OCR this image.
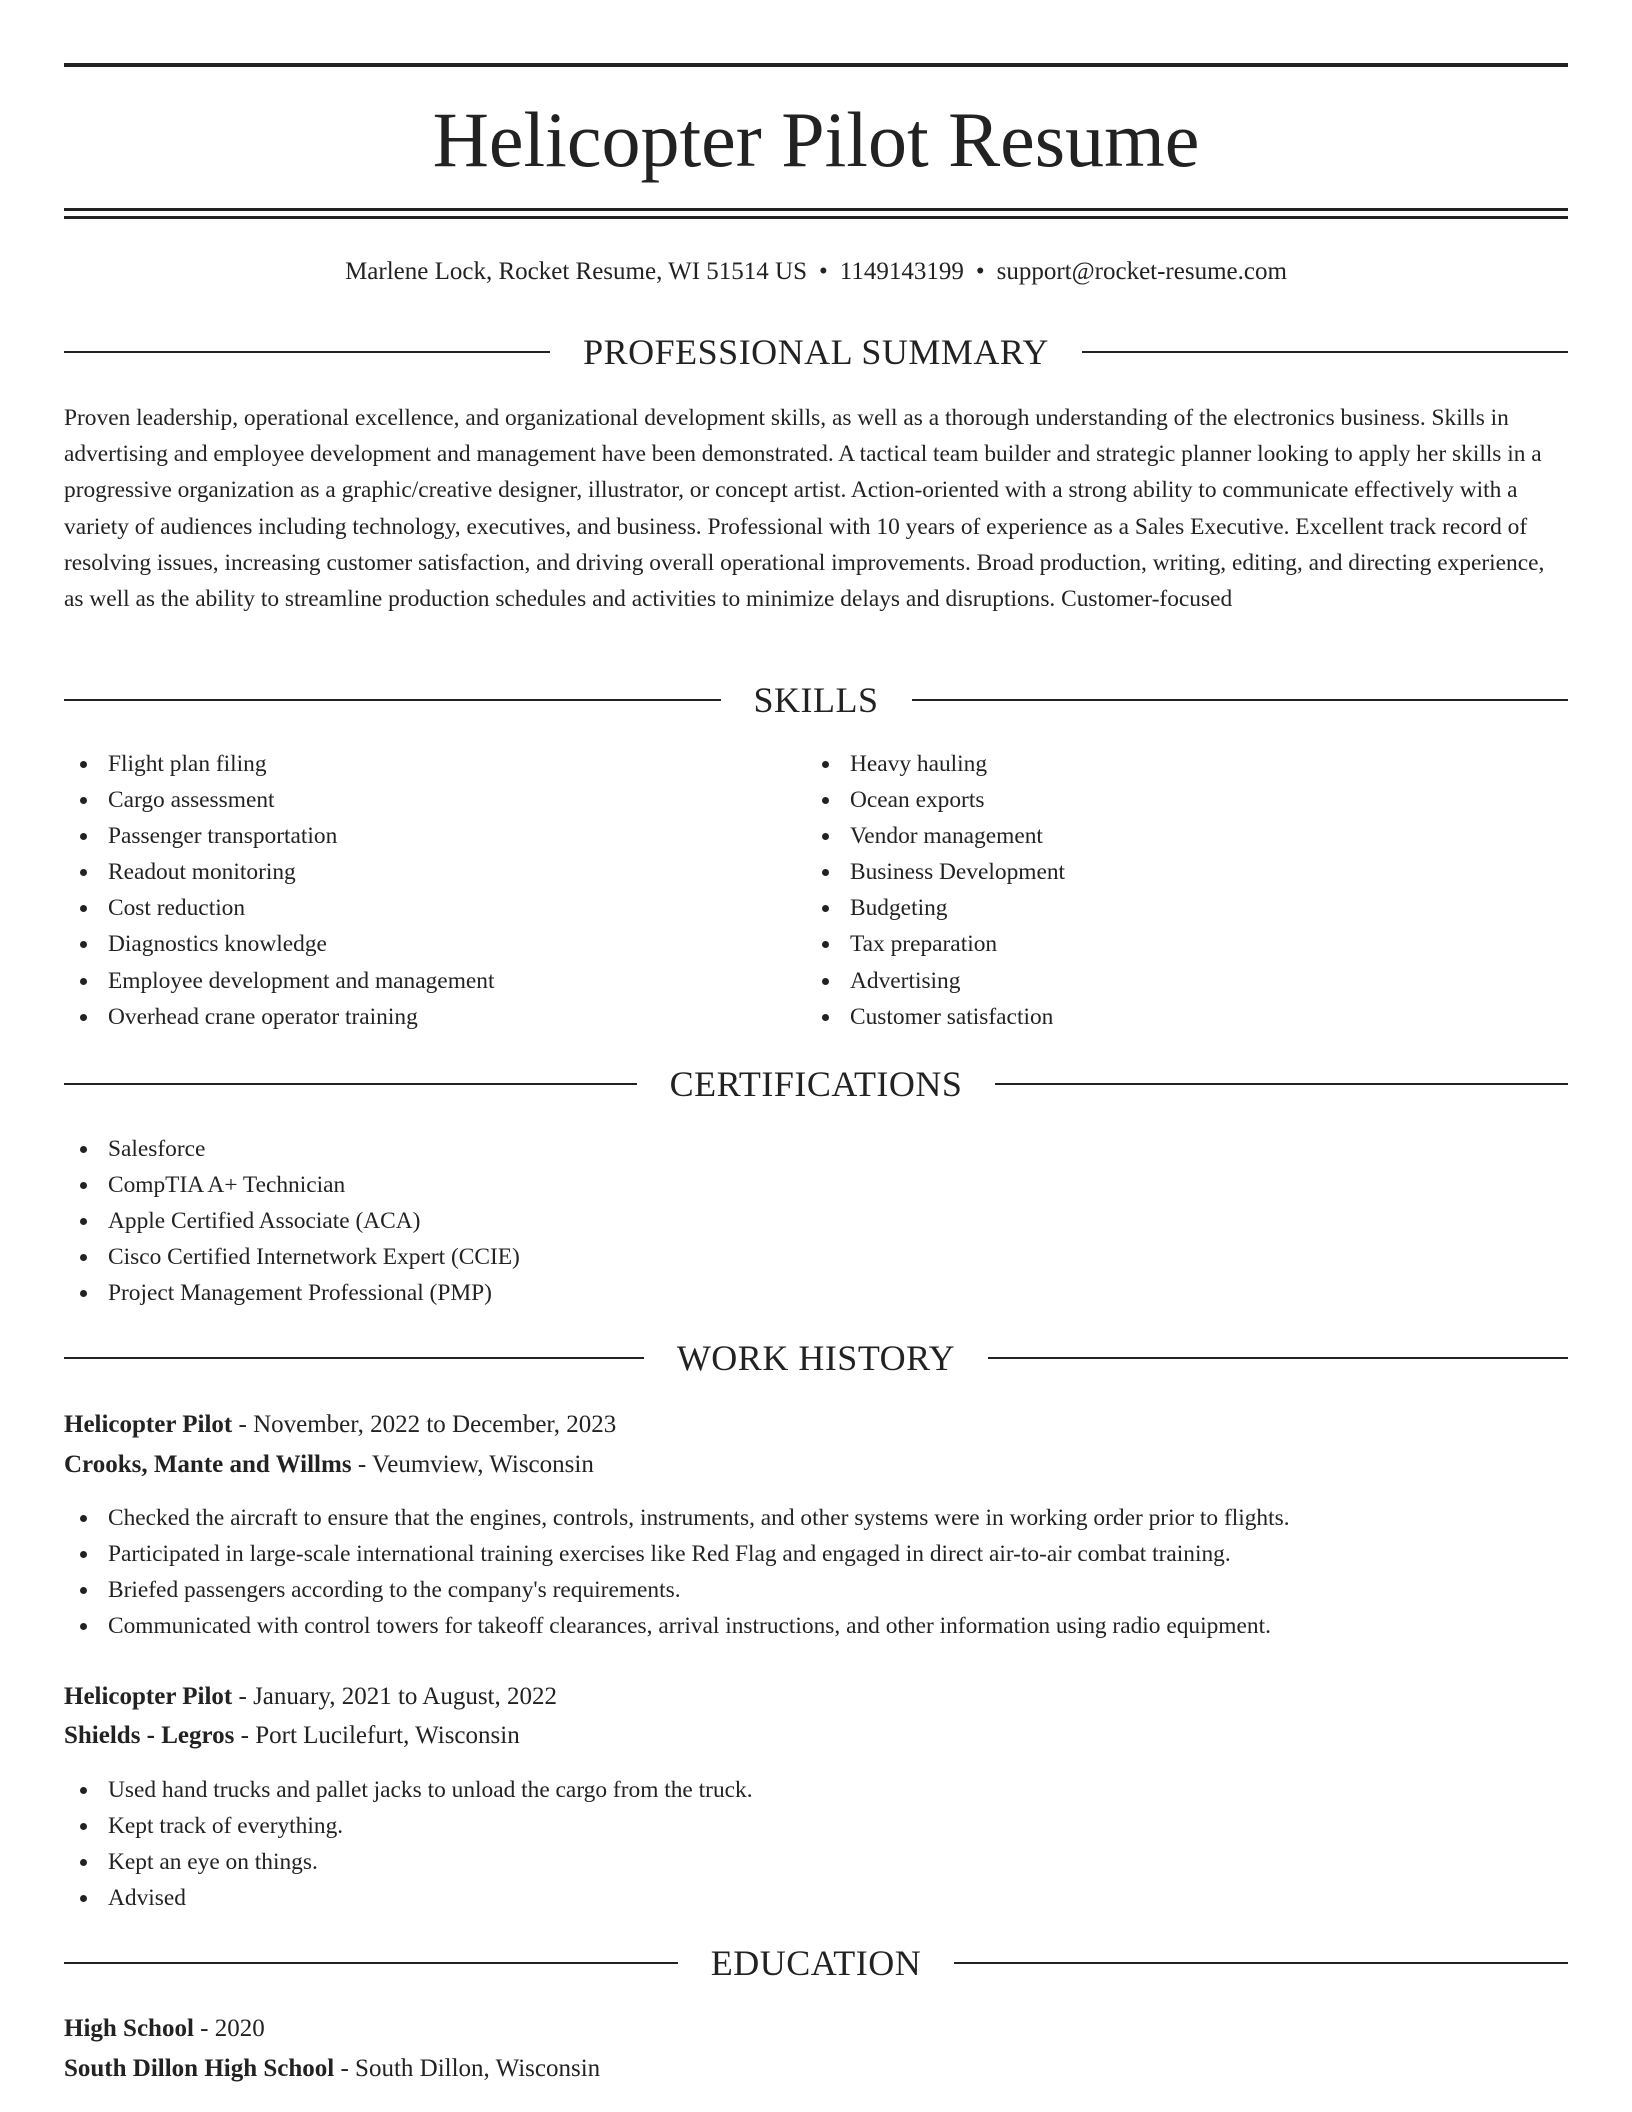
Helicopter Pilot Resume
Marlene Lock, Rocket Resume, WI 51514 US • 1149143199 • support@rocket-resume.com
PROFESSIONAL SUMMARY

Proven leadership, operational excellence, and organizational development skills, as well as a thorough understanding of the electronics business. Skills in advertising and employee development and management have been demonstrated. A tactical team builder and strategic planner looking to apply her skills in a progressive organization as a graphic/creative designer, illustrator, or concept artist. Action-oriented with a strong ability to communicate effectively with a variety of audiences including technology, executives, and business. Professional with 10 years of experience as a Sales Executive. Excellent track record of resolving issues, increasing customer satisfaction, and driving overall operational improvements. Broad production, writing, editing, and directing experience, as well as the ability to streamline production schedules and activities to minimize delays and disruptions. Customer-focused

SKILLS
Flight plan filing
Cargo assessment
Passenger transportation
Readout monitoring
Cost reduction
Diagnostics knowledge
Employee development and management
Overhead crane operator training
Heavy hauling
Ocean exports
Vendor management
Business Development
Budgeting
Tax preparation
Advertising
Customer satisfaction
CERTIFICATIONS
Salesforce
CompTIA A+ Technician
Apple Certified Associate (ACA)
Cisco Certified Internetwork Expert (CCIE)
Project Management Professional (PMP)
WORK HISTORY
Helicopter Pilot - November, 2022 to December, 2023
Crooks, Mante and Willms - Veumview, Wisconsin
Checked the aircraft to ensure that the engines, controls, instruments, and other systems were in working order prior to flights.
Participated in large-scale international training exercises like Red Flag and engaged in direct air-to-air combat training.
Briefed passengers according to the company's requirements.
Communicated with control towers for takeoff clearances, arrival instructions, and other information using radio equipment.
Helicopter Pilot - January, 2021 to August, 2022
Shields - Legros - Port Lucilefurt, Wisconsin
Used hand trucks and pallet jacks to unload the cargo from the truck.
Kept track of everything.
Kept an eye on things.
Advised
EDUCATION
High School - 2020
South Dillon High School - South Dillon, Wisconsin
